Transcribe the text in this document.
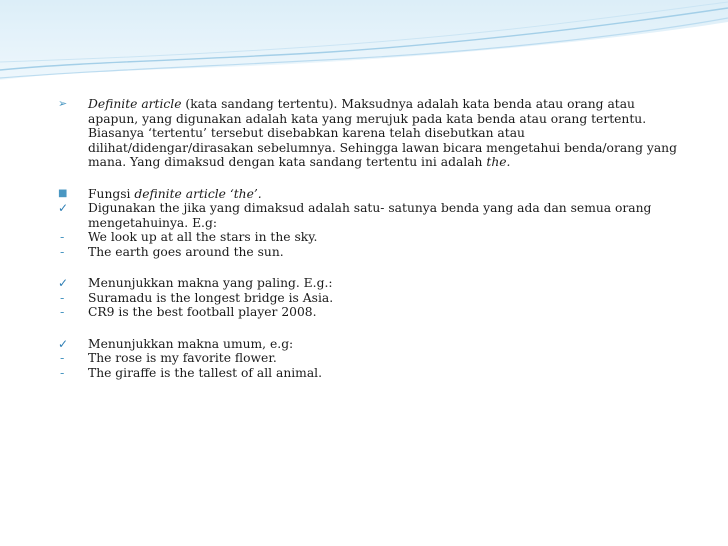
➢	Definite article (kata sandang tertentu). Maksudnya adalah kata benda atau orang atau apapun, yang digunakan adalah kata yang merujuk pada kata benda atau orang tertentu. Biasanya ‘tertentu’ tersebut disebabkan karena telah disebutkan atau dilihat/didengar/dirasakan sebelumnya. Sehingga lawan bicara mengetahui benda/orang yang mana. Yang dimaksud dengan kata sandang tertentu ini adalah the.
■	Fungsi definite article ‘the’.
✓	Digunakan the jika yang dimaksud adalah satu- satunya benda yang ada dan semua orang mengetahuinya. E.g:
-	We look up at all the stars in the sky.
-	The earth goes around the sun.
✓	Menunjukkan makna yang paling. E.g.:
-	Suramadu is the longest bridge is Asia.
-	CR9 is the best football player 2008.
✓	Menunjukkan makna umum, e.g:
-	The rose is my favorite flower.
-	The giraffe is the tallest of all animal.
